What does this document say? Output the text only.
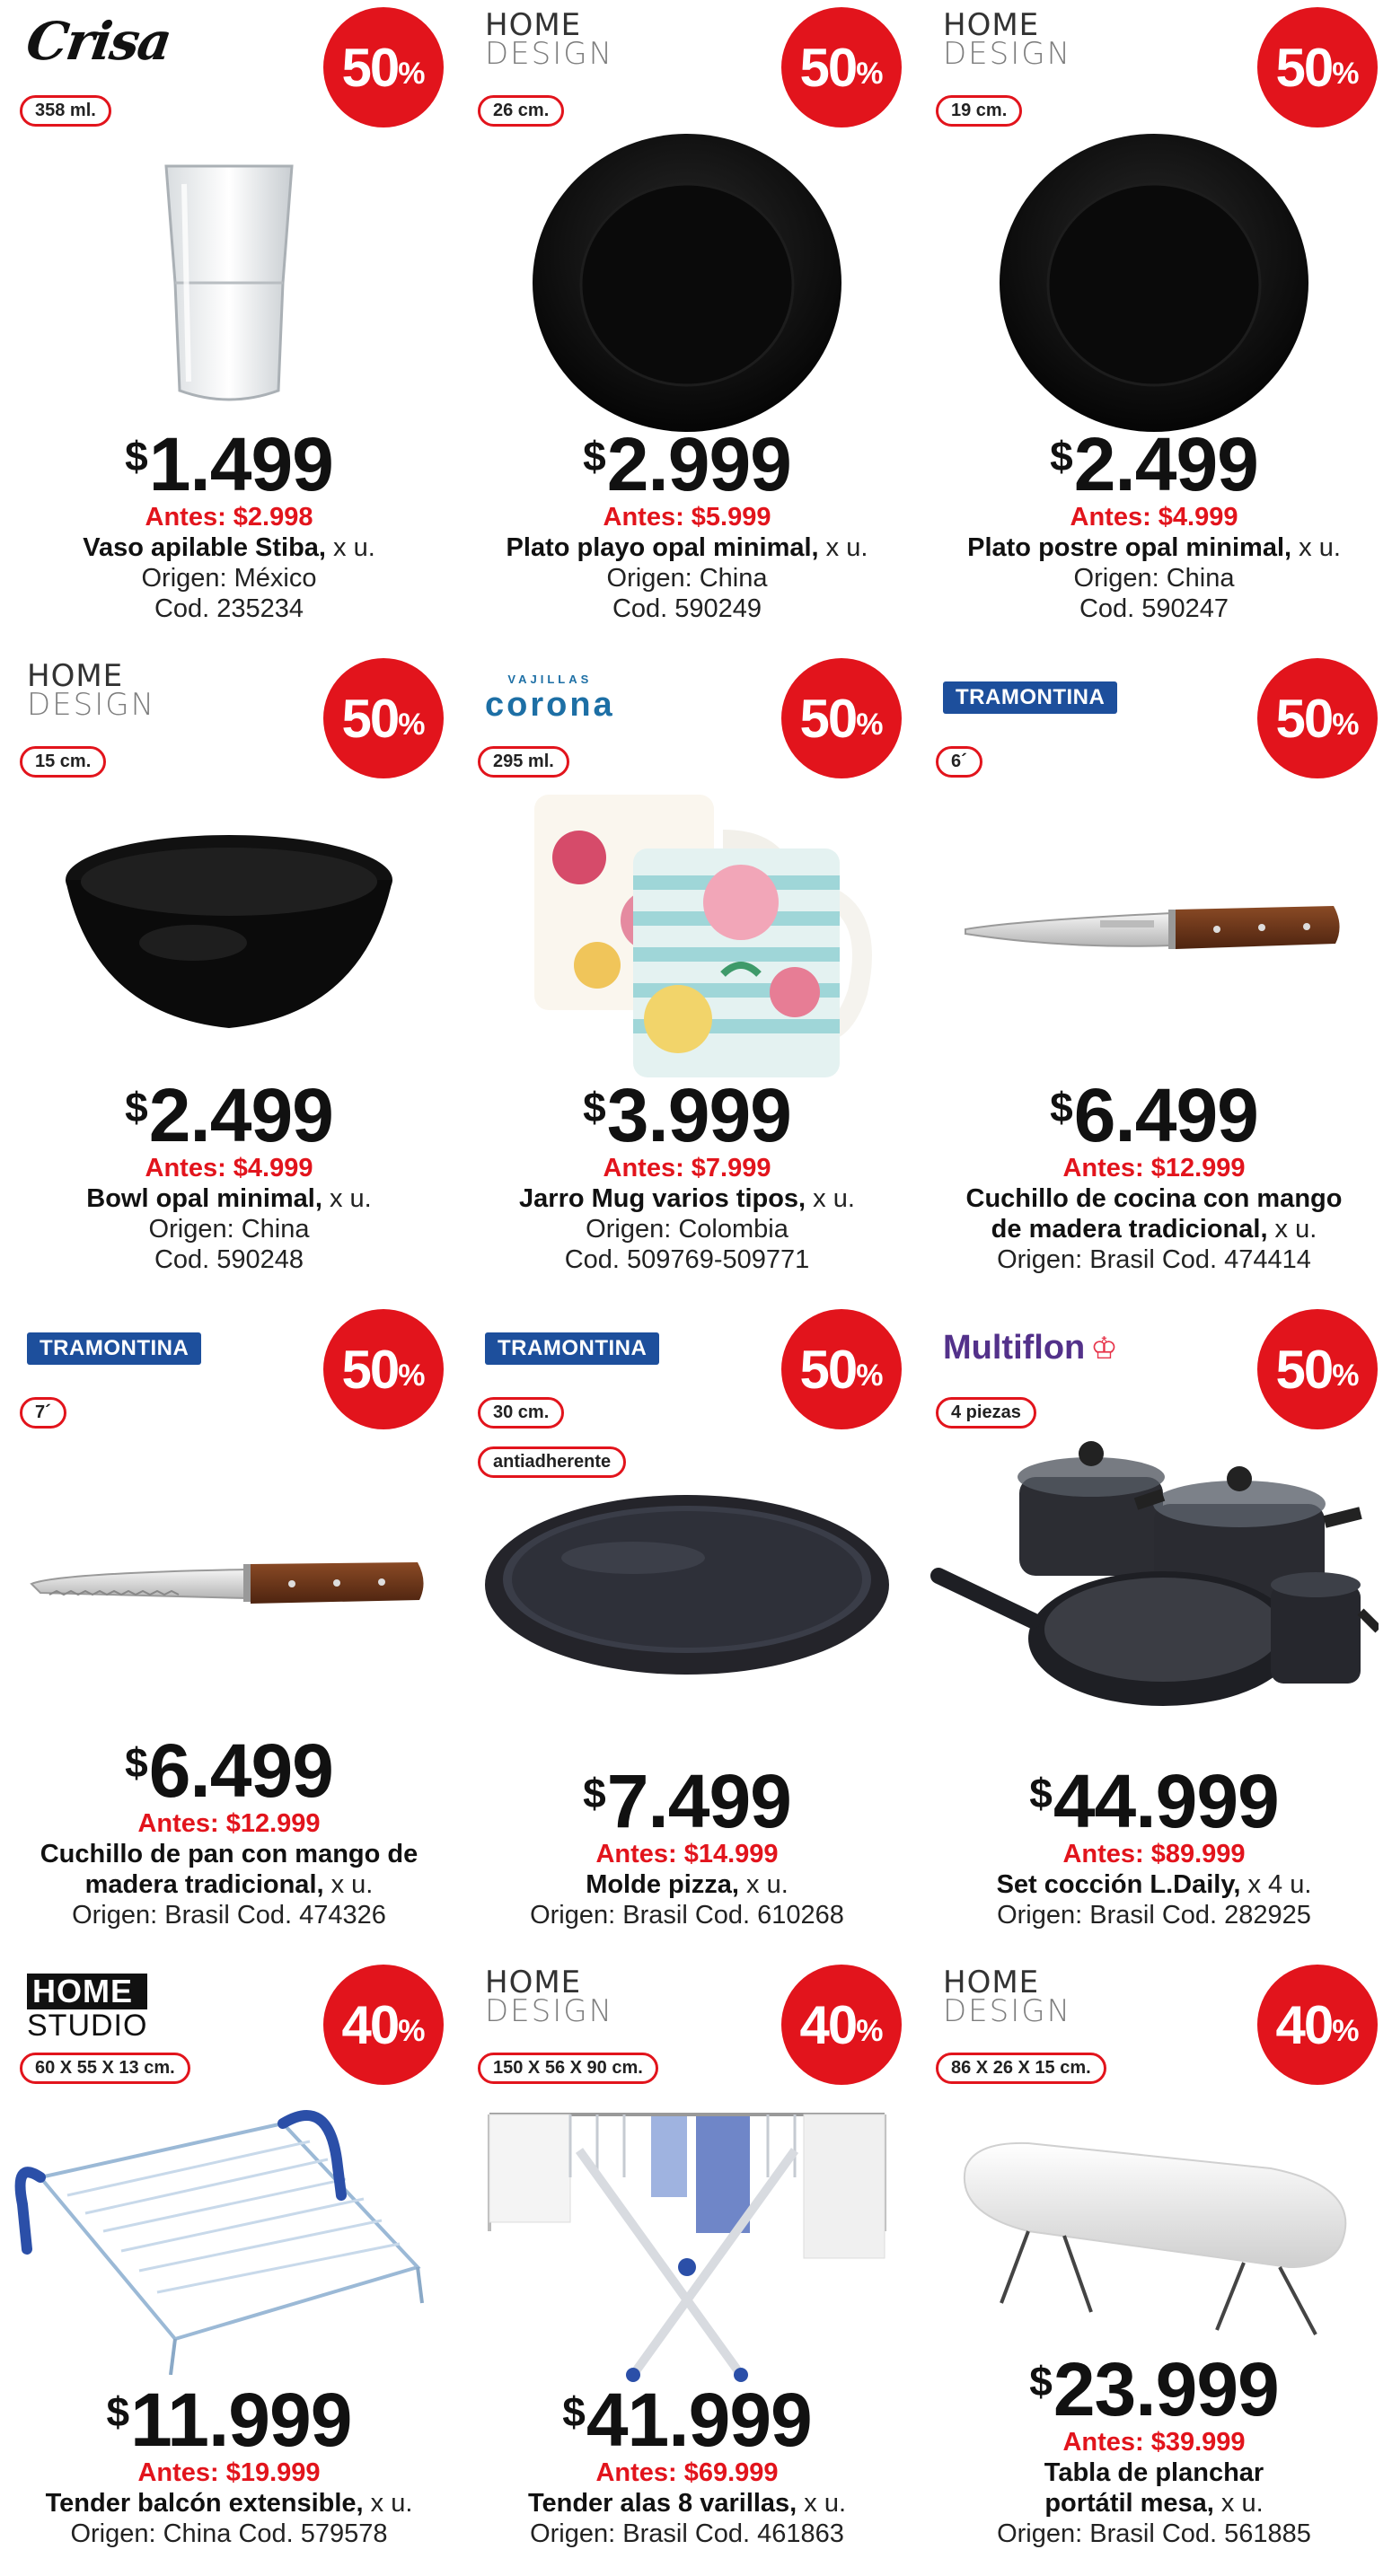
Crisa	50 %
358 ml.
$1.499
Antes: $2.998
Vaso apilable Stiba, x u.
Origen: México
Cod. 235234
HOME
DESIGN	50 %
26 cm.
$2.999
Antes: $5.999
Plato playo opal minimal, x u.
Origen: China
Cod. 590249
HOME
DESIGN	50 %
19 cm.
$2.499
Antes: $4.999
Plato postre opal minimal, x u.
Origen: China
Cod. 590247
HOME
DESIGN	50 %
15 cm.
$2.499
Antes: $4.999
Bowl opal minimal, x u.
Origen: China
Cod. 590248
VAJILLAS
corona	50 %
295 ml.
$3.999
Antes: $7.999
Jarro Mug varios tipos, x u.
Origen: Colombia
Cod. 509769-509771
TRAMONTINA	50 %
6´
$6.499
Antes: $12.999
Cuchillo de cocina con mango
de madera tradicional, x u.
Origen: Brasil Cod. 474414
TRAMONTINA	50 %
7´
$6.499
Antes: $12.999
Cuchillo de pan con mango de
madera tradicional, x u.
Origen: Brasil Cod. 474326
TRAMONTINA	50 %
30 cm.
antiadherente
$7.499
Antes: $14.999
Molde pizza, x u.
Origen: Brasil Cod. 610268
Multiflon ♔	50 %
4 piezas
$44.999
Antes: $89.999
Set cocción L.Daily, x 4 u.
Origen: Brasil Cod. 282925
HOME
STUDIO	40 %
60 X 55 X 13 cm.
$11.999
Antes: $19.999
Tender balcón extensible, x u.
Origen: China Cod. 579578
HOME
DESIGN	40 %
150 X 56 X 90 cm.
$41.999
Antes: $69.999
Tender alas 8 varillas, x u.
Origen: Brasil Cod. 461863
HOME
DESIGN	40 %
86 X 26 X 15 cm.
$23.999
Antes: $39.999
Tabla de planchar
portátil mesa, x u.
Origen: Brasil Cod. 561885
